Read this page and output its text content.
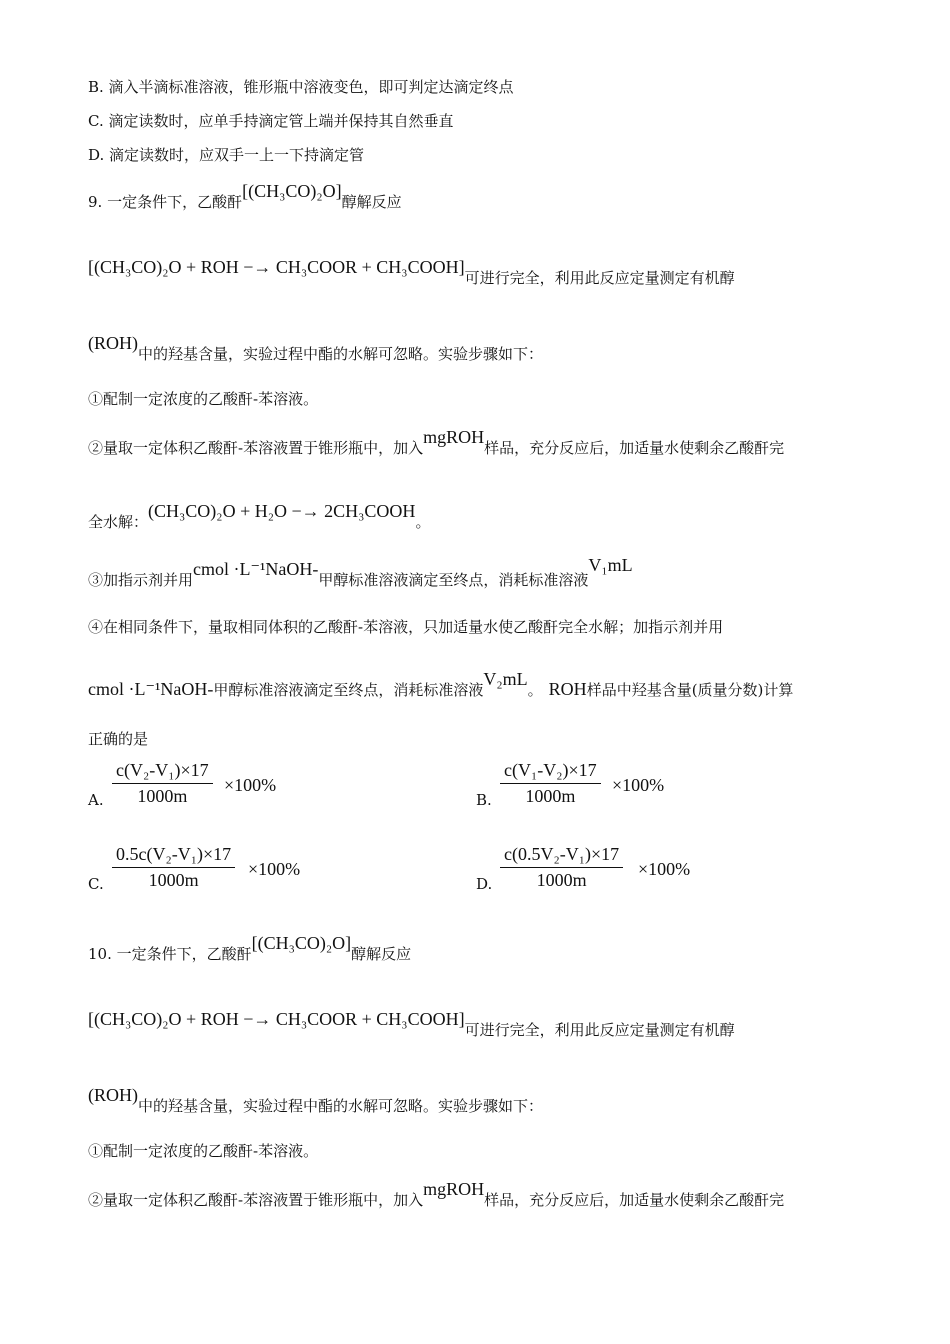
B. 滴入半滴标准溶液，锥形瓶中溶液变色，即可判定达滴定终点
C. 滴定读数时，应单手持滴定管上端并保持其自然垂直
D. 滴定读数时，应双手一上一下持滴定管
9. 一定条件下，乙酸酐[(CH₃CO)₂O]醇解反应
[(CH₃CO)₂O + ROH −→ CH₃COOR + CH₃COOH]可进行完全，利用此反应定量测定有机醇
(ROH)中的羟基含量，实验过程中酯的水解可忽略。实验步骤如下：
①配制一定浓度的乙酸酐-苯溶液。
②量取一定体积乙酸酐-苯溶液置于锥形瓶中，加入mgROH样品，充分反应后，加适量水使剩余乙酸酐完
全水解：(CH₃CO)₂O + H₂O −→ 2CH₃COOH。
③加指示剂并用cmol ·L⁻¹NaOH-甲醇标准溶液滴定至终点，消耗标准溶液V₁mL
④在相同条件下，量取相同体积的乙酸酐-苯溶液，只加适量水使乙酸酐完全水解；加指示剂并用
cmol ·L⁻¹NaOH-甲醇标准溶液滴定至终点，消耗标准溶液V₂mL。 ROH样品中羟基含量(质量分数)计算
正确的是
A. $\frac{\text{c(V₂-V₁)×17}}{1000m} \times 100\%$
B. $\frac{\text{c(V₁-V₂)×17}}{1000m} \times 100\%$
C. $\frac{\text{0.5c(V₂-V₁)×17}}{1000m} \times 100\%$
D. $\frac{\text{c(0.5V₂-V₁)×17}}{1000m} \times 100\%$
10. 一定条件下，乙酸酐[(CH₃CO)₂O]醇解反应
[(CH₃CO)₂O + ROH −→ CH₃COOR + CH₃COOH]可进行完全，利用此反应定量测定有机醇
(ROH)中的羟基含量，实验过程中酯的水解可忽略。实验步骤如下：
①配制一定浓度的乙酸酐-苯溶液。
②量取一定体积乙酸酐-苯溶液置于锥形瓶中，加入mgROH样品，充分反应后，加适量水使剩余乙酸酐完
